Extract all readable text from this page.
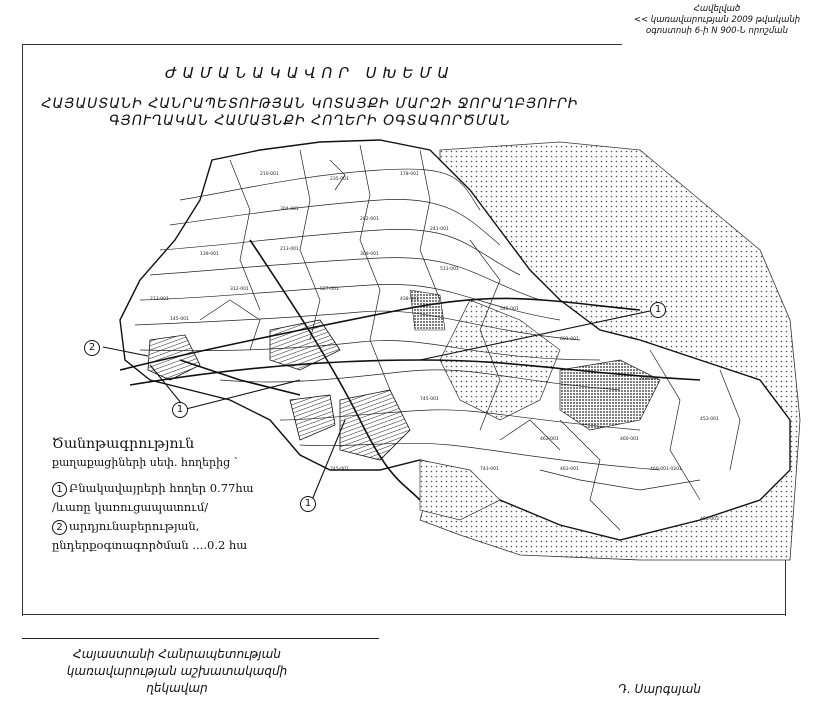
Հավելված
<< կառավարության 2009 թվականի
օգոստոսի 6-ի N 900-Ն որոշման
ԺԱՄԱՆԱԿԱՎՈՐ ՍԽԵՄԱ
ՀԱՅԱՍՏԱՆԻ ՀԱՆՐԱՊԵՏՈՒԹՅԱՆ ԿՈՏԱՅՔԻ ՄԱՐԶԻ ՋՈՐԱՂԲՅՈՒՐԻ
ԳՅՈՒՂԱԿԱՆ ՀԱՄԱՅՆՔԻ ՀՈՂԵՐԻ ՕԳՏԱԳՈՐԾՄԱՆ
210-001
235-001
178-001
304-001
282-001
241-001
139-001
213-001
309-001
511-001
312-001	527-001
438-001
545-001
601-001
464-001
453-001
460-001
462-001
743-001	463-001	460-001-0201
466-003
745-001
745-001
145-001
213-001
1
2
1
1
Ծանոթագրություն
քաղաքացիների սեփ. հողերից `
1 Բնակավայրերի հողեր 0.77հա
/ևառը կառուցապատում/
2 արդյունաբերության,
ընդերքօգտագործման ....0.2 հա
Հայաստանի Հանրապետության
կառավարության աշխատակազմի
ղեկավար	Դ. Սարգսյան
